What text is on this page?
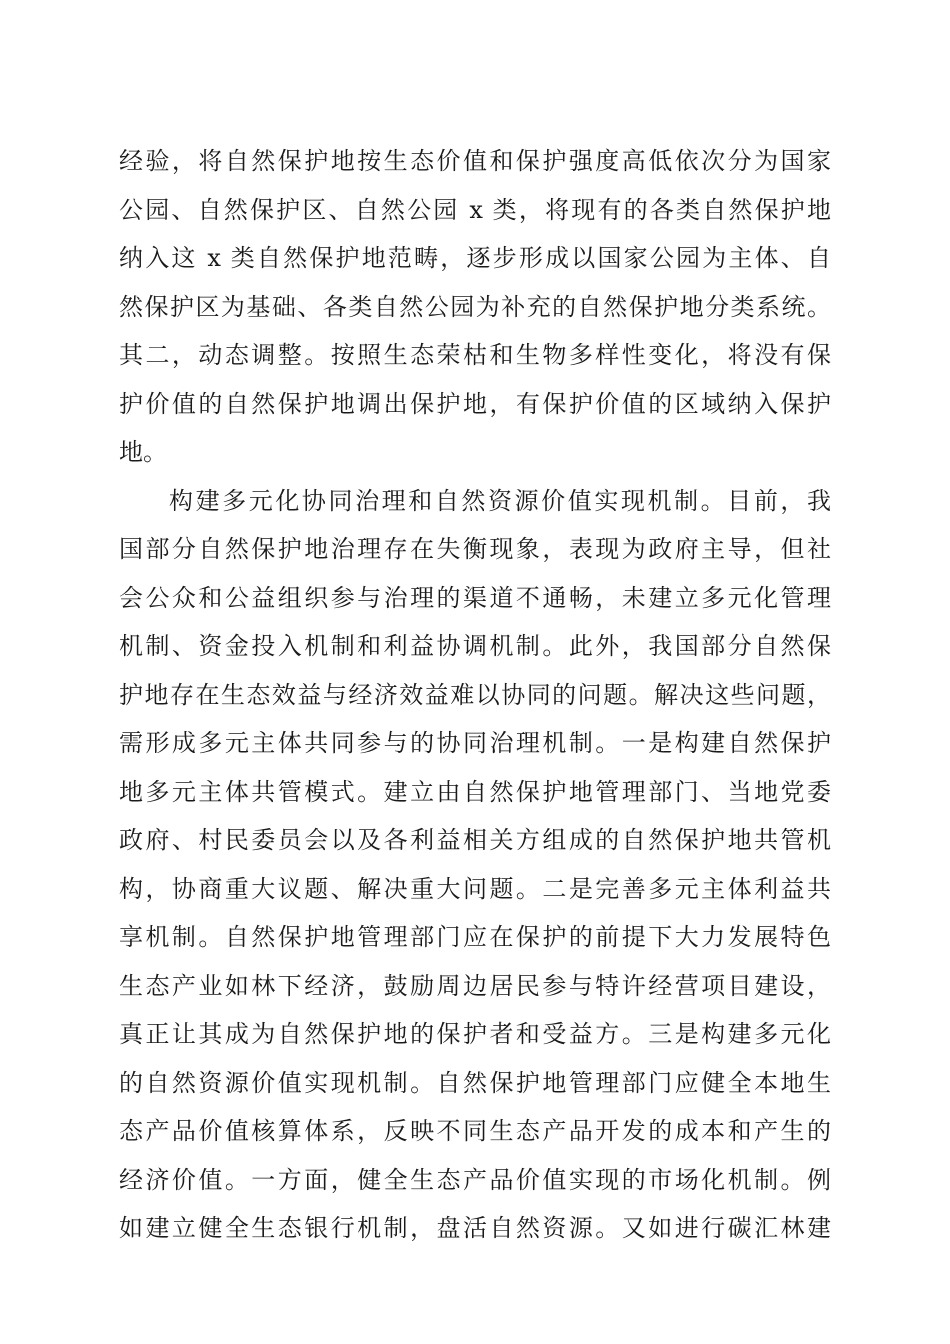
经验，将自然保护地按生态价值和保护强度高低依次分为国家
公园、自然保护区、自然公园 x 类，将现有的各类自然保护地
纳入这 x 类自然保护地范畴，逐步形成以国家公园为主体、自
然保护区为基础、各类自然公园为补充的自然保护地分类系统。
其二，动态调整。按照生态荣枯和生物多样性变化，将没有保
护价值的自然保护地调出保护地，有保护价值的区域纳入保护
地。
构建多元化协同治理和自然资源价值实现机制。目前，我
国部分自然保护地治理存在失衡现象，表现为政府主导，但社
会公众和公益组织参与治理的渠道不通畅，未建立多元化管理
机制、资金投入机制和利益协调机制。此外，我国部分自然保
护地存在生态效益与经济效益难以协同的问题。解决这些问题，
需形成多元主体共同参与的协同治理机制。一是构建自然保护
地多元主体共管模式。建立由自然保护地管理部门、当地党委
政府、村民委员会以及各利益相关方组成的自然保护地共管机
构，协商重大议题、解决重大问题。二是完善多元主体利益共
享机制。自然保护地管理部门应在保护的前提下大力发展特色
生态产业如林下经济，鼓励周边居民参与特许经营项目建设，
真正让其成为自然保护地的保护者和受益方。三是构建多元化
的自然资源价值实现机制。自然保护地管理部门应健全本地生
态产品价值核算体系，反映不同生态产品开发的成本和产生的
经济价值。一方面，健全生态产品价值实现的市场化机制。例
如建立健全生态银行机制，盘活自然资源。又如进行碳汇林建
